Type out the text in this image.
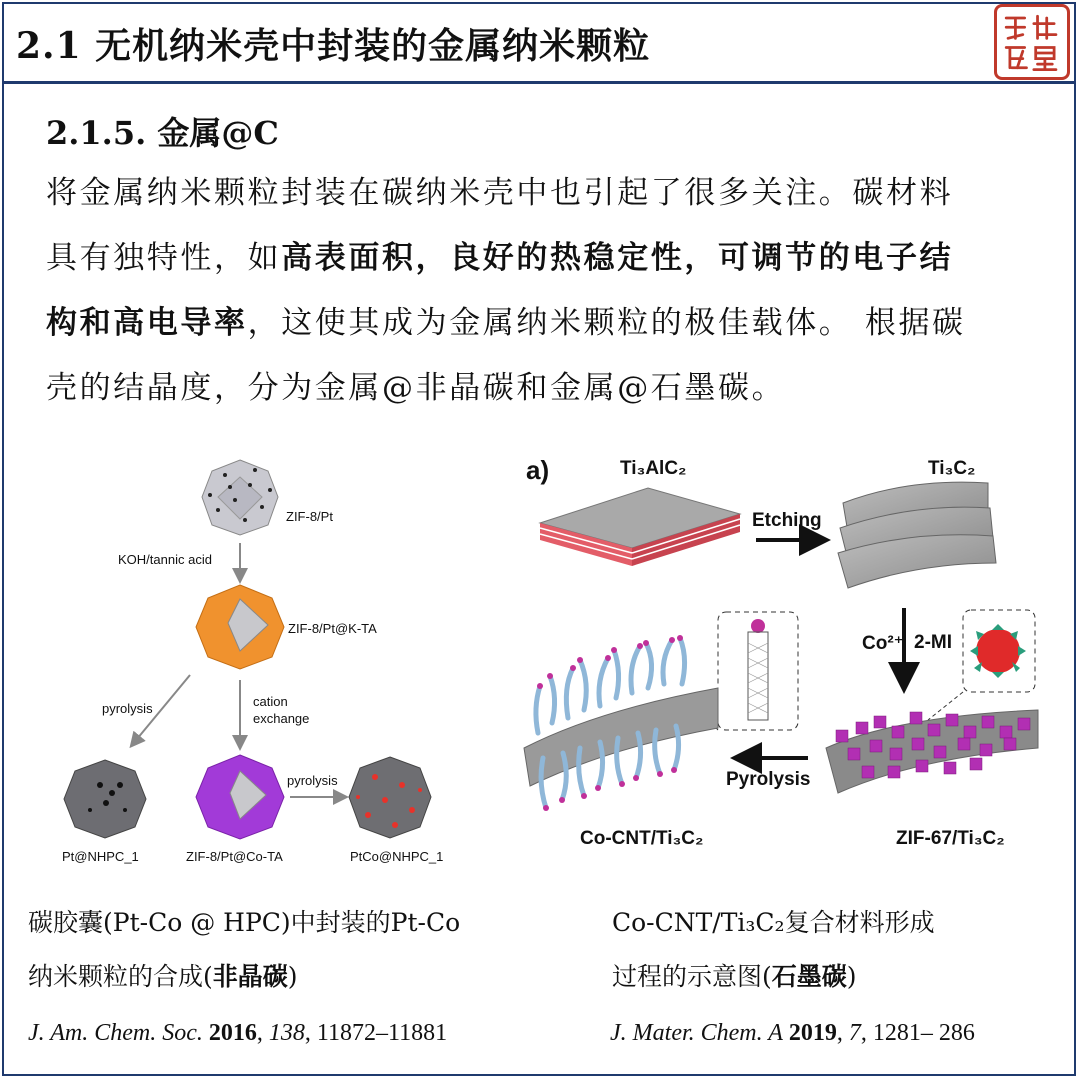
2.1 无机纳米壳中封装的金属纳米颗粒
2.1.5. 金属@C
将金属纳米颗粒封装在碳纳米壳中也引起了很多关注。碳材料
具有独特性，如高表面积，良好的热稳定性，可调节的电子结
构和高电导率，这使其成为金属纳米颗粒的极佳载体。 根据碳
壳的结晶度，分为金属@非晶碳和金属@石墨碳。
ZIF-8/Pt
KOH/tannic acid
ZIF-8/Pt@K-TA
pyrolysis	cation
exchange
pyrolysis
Pt@NHPC_1	ZIF-8/Pt@Co-TA	PtCo@NHPC_1
a)	Ti₃AlC₂	Ti₃C₂
Etching
Co²⁺ 2-MI
Pyrolysis
Co-CNT/Ti₃C₂	ZIF-67/Ti₃C₂
碳胶囊(Pt-Co @ HPC)中封装的Pt-Co
纳米颗粒的合成(非晶碳)
Co-CNT/Ti₃C₂复合材料形成
过程的示意图(石墨碳)
J. Am. Chem. Soc. 2016, 138, 11872–11881	J. Mater. Chem. A 2019, 7, 1281– 286
